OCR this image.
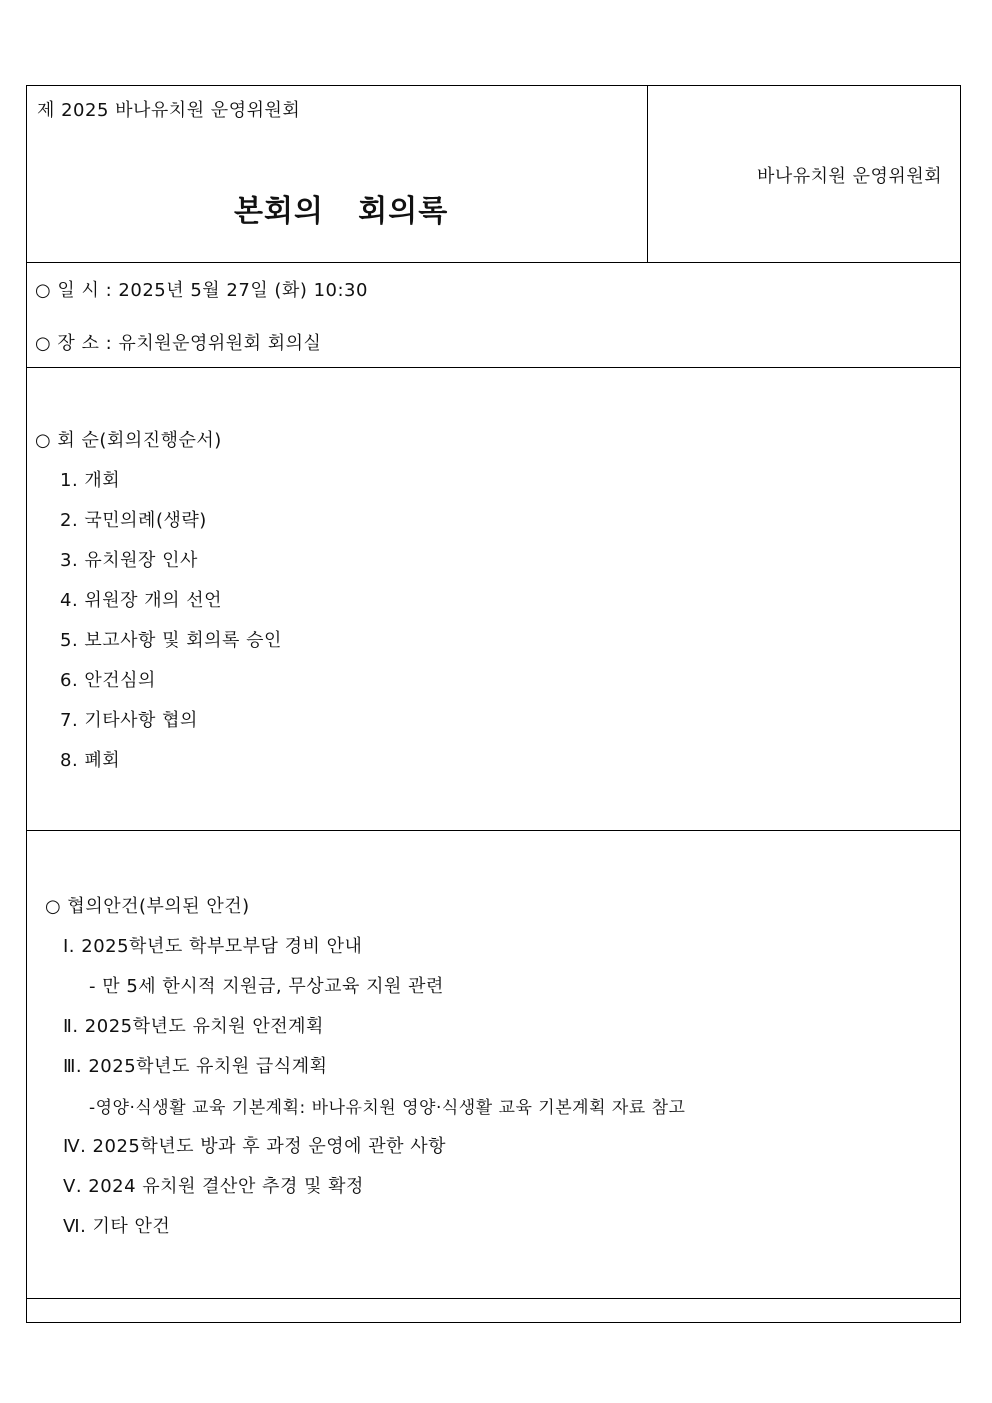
제 2025 바나유치원 운영위원회
본회의   회의록
바나유치원 운영위원회
○ 일 시 : 2025년 5월 27일 (화) 10:30
○ 장 소 : 유치원운영위원회 회의실
○ 회 순(회의진행순서)
1. 개회
2. 국민의례(생략)
3. 유치원장 인사
4. 위원장 개의 선언
5. 보고사항 및 회의록 승인
6. 안건심의
7. 기타사항 협의
8. 폐회
○ 협의안건(부의된 안건)
Ⅰ. 2025학년도 학부모부담 경비 안내
- 만 5세 한시적 지원금, 무상교육 지원 관련
Ⅱ. 2025학년도 유치원 안전계획
Ⅲ. 2025학년도 유치원 급식계획
-영양·식생활 교육 기본계획: 바나유치원 영양·식생활 교육 기본계획 자료 참고
Ⅳ. 2025학년도 방과 후 과정 운영에 관한 사항
Ⅴ. 2024 유치원 결산안 추경 및 확정
Ⅵ. 기타 안건
